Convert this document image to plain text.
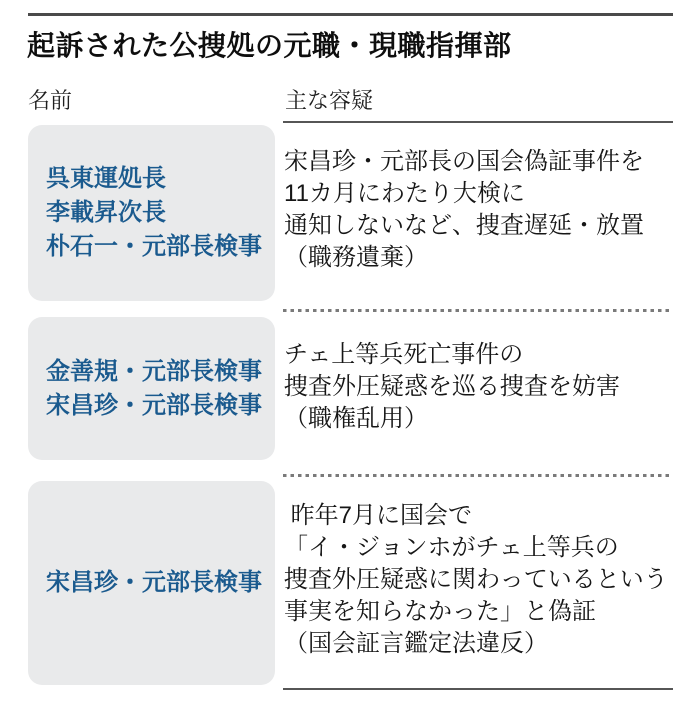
起訴された公捜処の元職・現職指揮部
名前	主な容疑
呉東運処長
李載昇次長
朴石一・元部長検事
宋昌珍・元部長の国会偽証事件を
11カ月にわたり大検に
通知しないなど、捜査遅延・放置
（職務遺棄）
金善規・元部長検事
宋昌珍・元部長検事
チェ上等兵死亡事件の
捜査外圧疑惑を巡る捜査を妨害
（職権乱用）
宋昌珍・元部長検事
昨年7月に国会で
「イ・ジョンホがチェ上等兵の
捜査外圧疑惑に関わっているという
事実を知らなかった」と偽証
（国会証言鑑定法違反）
